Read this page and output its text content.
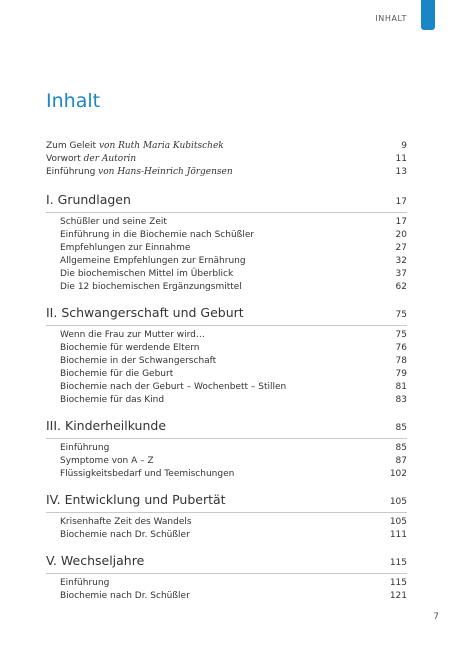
INHALT
Inhalt
Zum Geleit von Ruth Maria Kubitschek	9
Vorwort der Autorin	11
Einführung von Hans-Heinrich Jörgensen	13
I. Grundlagen	17
Schüßler und seine Zeit	17
Einführung in die Biochemie nach Schüßler	20
Empfehlungen zur Einnahme	27
Allgemeine Empfehlungen zur Ernährung	32
Die biochemischen Mittel im Überblick	37
Die 12 biochemischen Ergänzungsmittel	62
II. Schwangerschaft und Geburt	75
Wenn die Frau zur Mutter wird…	75
Biochemie für werdende Eltern	76
Biochemie in der Schwangerschaft	78
Biochemie für die Geburt	79
Biochemie nach der Geburt – Wochenbett – Stillen	81
Biochemie für das Kind	83
III. Kinderheilkunde	85
Einführung	85
Symptome von A – Z	87
Flüssigkeitsbedarf und Teemischungen	102
IV. Entwicklung und Pubertät	105
Krisenhafte Zeit des Wandels	105
Biochemie nach Dr. Schüßler	111
V. Wechseljahre	115
Einführung	115
Biochemie nach Dr. Schüßler	121
7
